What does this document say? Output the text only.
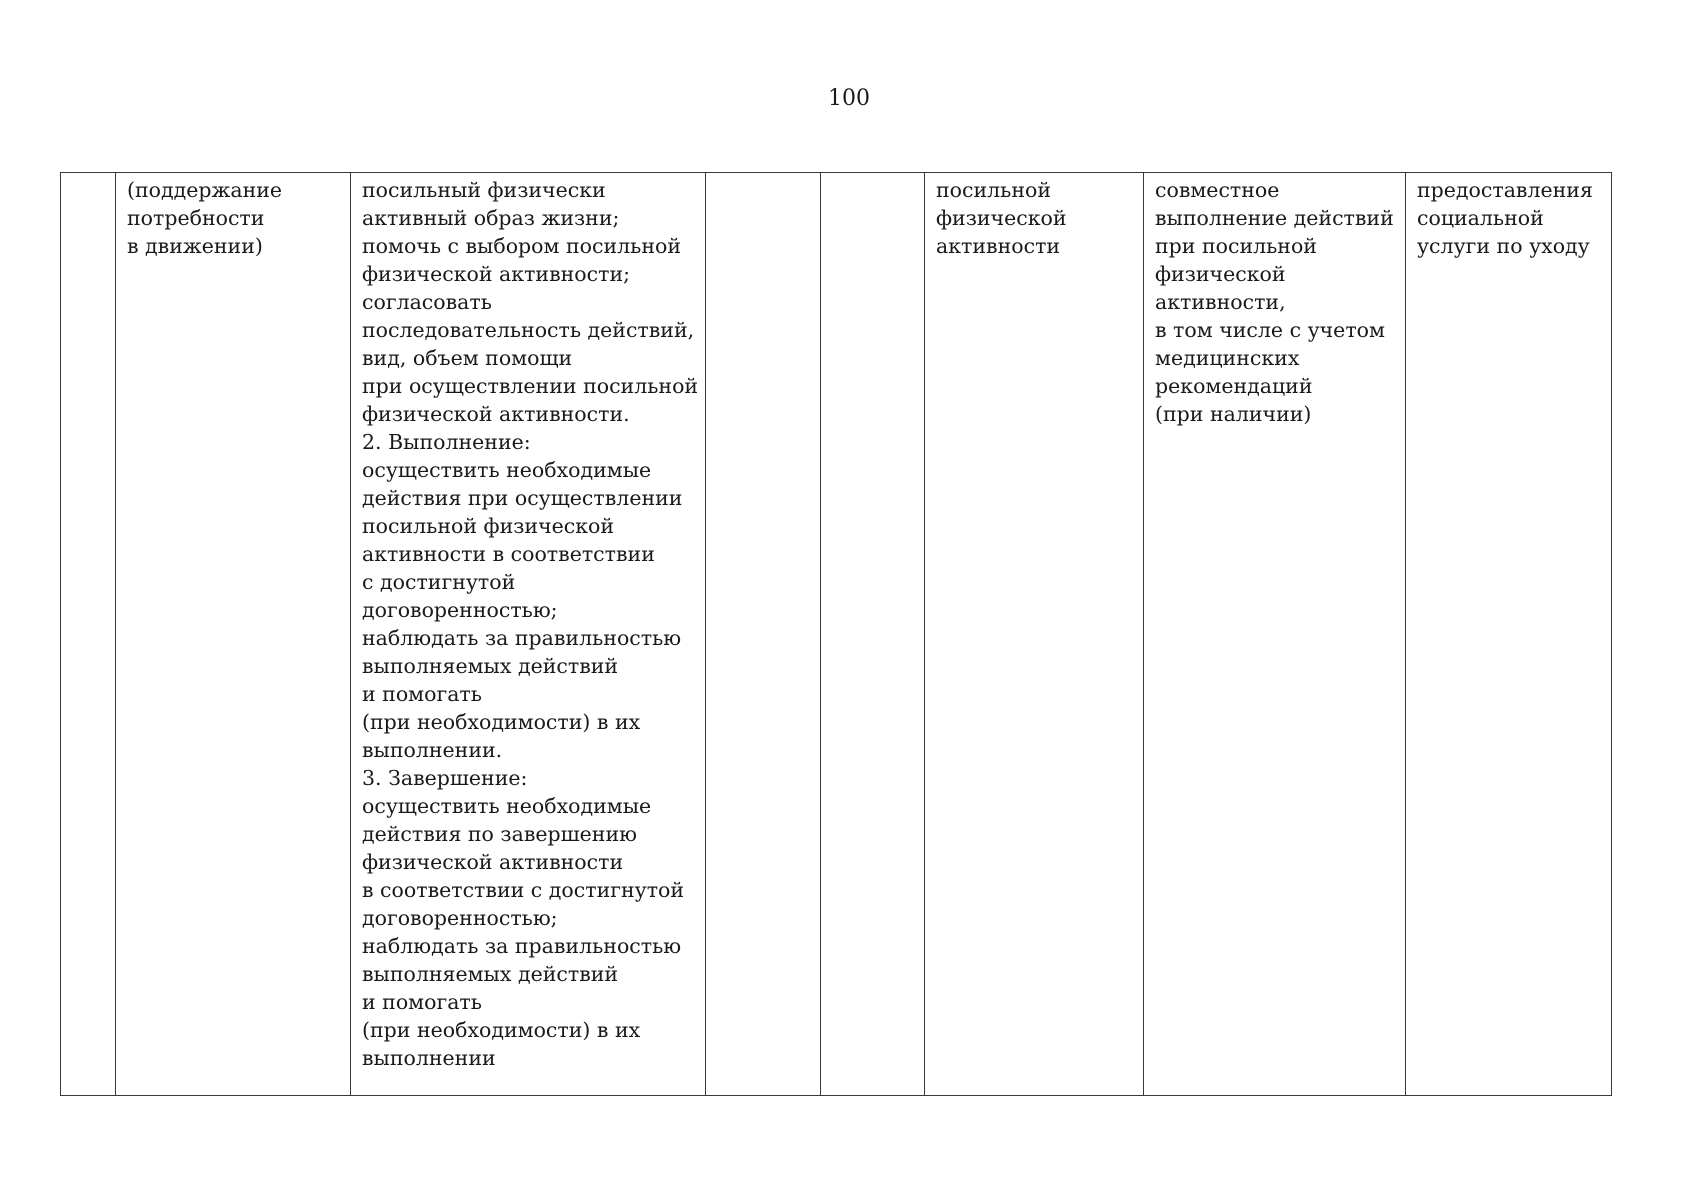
100
	(поддержание
потребности
в движении)	посильный физически
активный образ жизни;
помочь с выбором посильной
физической активности;
согласовать
последовательность действий,
вид, объем помощи
при осуществлении посильной
физической активности.
2. Выполнение:
осуществить необходимые
действия при осуществлении
посильной физической
активности в соответствии
с достигнутой
договоренностью;
наблюдать за правильностью
выполняемых действий
и помогать
(при необходимости) в их
выполнении.
3. Завершение:
осуществить необходимые
действия по завершению
физической активности
в соответствии с достигнутой
договоренностью;
наблюдать за правильностью
выполняемых действий
и помогать
(при необходимости) в их
выполнении			посильной
физической
активности	совместное
выполнение действий
при посильной
физической
активности,
в том числе с учетом
медицинских
рекомендаций
(при наличии)	предоставления
социальной
услуги по уходу
